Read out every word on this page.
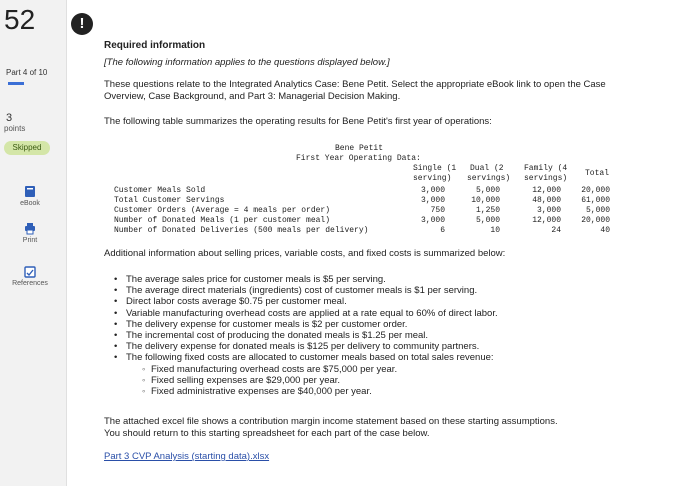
52
Part 4 of 10
3
points
Skipped
eBook
Print
References
!
Required information
[The following information applies to the questions displayed below.]
These questions relate to the Integrated Analytics Case: Bene Petit. Select the appropriate eBook link to open the Case
Overview, Case Background, and Part 3: Managerial Decision Making.
The following table summarizes the operating results for Bene Petit's first year of operations:
Bene Petit
First Year Operating Data:
Single (1
serving)
Dual (2
servings)
Family (4
servings)
Total
Customer Meals Sold
Total Customer Servings
Customer Orders (Average = 4 meals per order)
Number of Donated Meals (1 per customer meal)
Number of Donated Deliveries (500 meals per delivery)
3,000
3,000
750
3,000
6
5,000
10,000
1,250
5,000
10
12,000
48,000
3,000
12,000
24
20,000
61,000
5,000
20,000
40
Additional information about selling prices, variable costs, and fixed costs is summarized below:
• The average sales price for customer meals is $5 per serving.
• The average direct materials (ingredients) cost of customer meals is $1 per serving.
• Direct labor costs average $0.75 per customer meal.
• Variable manufacturing overhead costs are applied at a rate equal to 60% of direct labor.
• The delivery expense for customer meals is $2 per customer order.
• The incremental cost of producing the donated meals is $1.25 per meal.
• The delivery expense for donated meals is $125 per delivery to community partners.
• The following fixed costs are allocated to customer meals based on total sales revenue:
◦ Fixed manufacturing overhead costs are $75,000 per year.
◦ Fixed selling expenses are $29,000 per year.
◦ Fixed administrative expenses are $40,000 per year.
The attached excel file shows a contribution margin income statement based on these starting assumptions.
You should return to this starting spreadsheet for each part of the case below.
Part 3 CVP Analysis (starting data).xlsx
